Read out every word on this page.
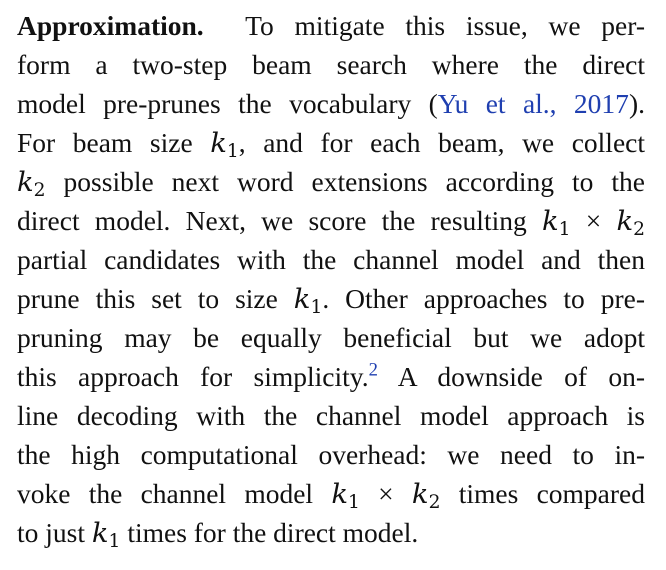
Approximation. To mitigate this issue, we per-
form a two-step beam search where the direct
model pre-prunes the vocabulary (Yu et al., 2017).
For beam size $k_1$, and for each beam, we collect
$k_2$ possible next word extensions according to the
direct model. Next, we score the resulting $k_1 \times k_2$
partial candidates with the channel model and then
prune this set to size $k_1$. Other approaches to pre-
pruning may be equally beneficial but we adopt
this approach for simplicity.$^2$ A downside of on-
line decoding with the channel model approach is
the high computational overhead: we need to in-
voke the channel model $k_1 \times k_2$ times compared
to just $k_1$ times for the direct model.
